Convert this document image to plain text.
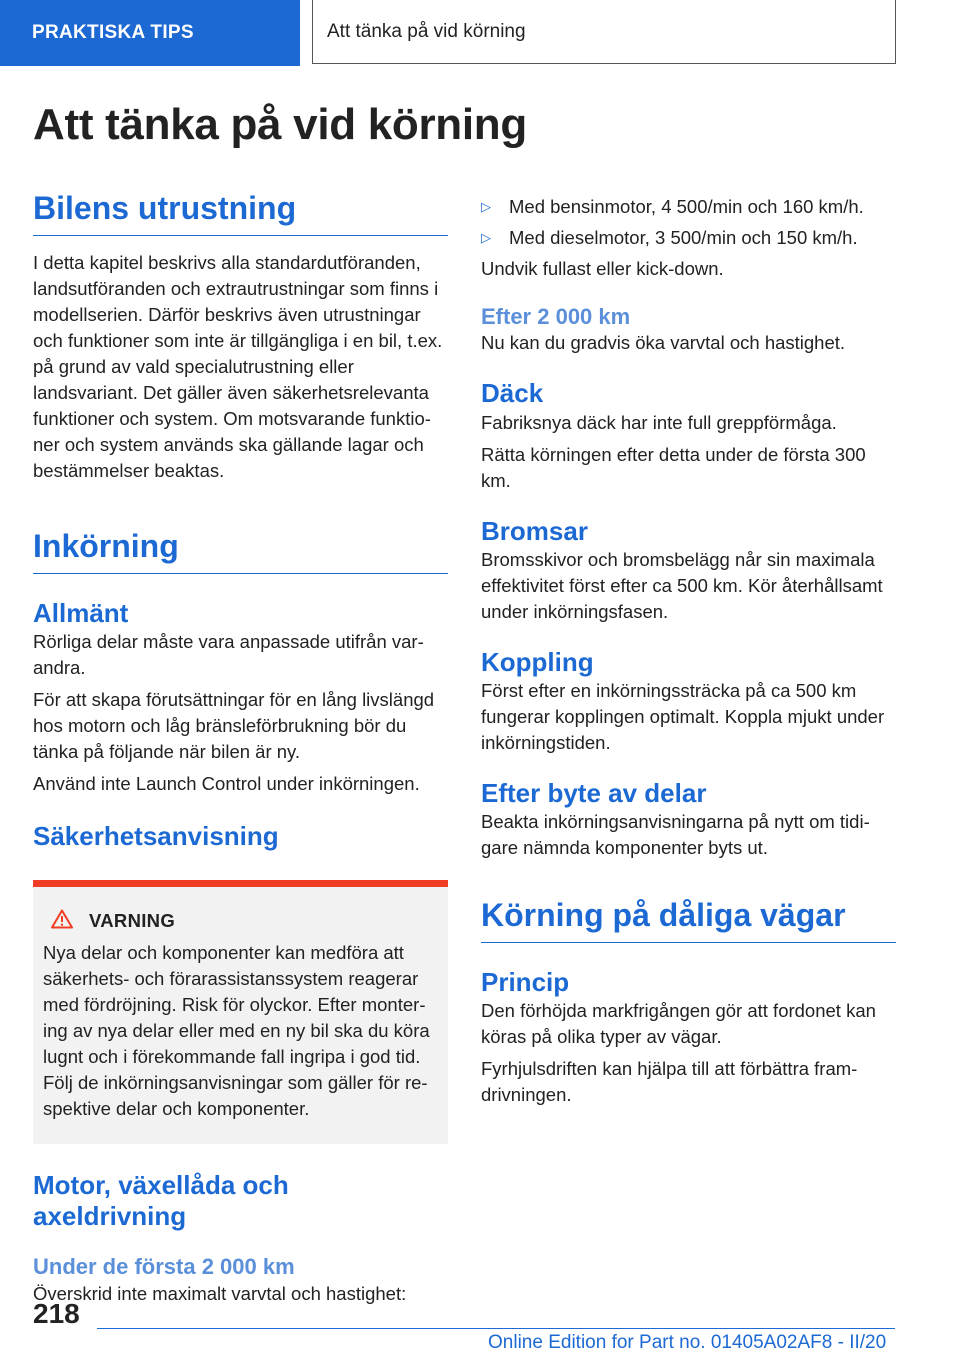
PRAKTISKA TIPS	Att tänka på vid körning
Att tänka på vid körning
Bilens utrustning

I detta kapitel beskrivs alla standardutföranden, landsutföranden och extrautrustningar som finns i modellserien. Därför beskrivs även utrustningar och funktioner som inte är tillgängliga i en bil, t.ex. på grund av vald specialutrustning eller landsvariant. Det gäller även säkerhetsrelevanta funktioner och system. Om motsvarande funktioner och system används ska gällande lagar och bestämmelser beaktas.

Inkörning
Allmänt

Rörliga delar måste vara anpassade utifrån varandra.

För att skapa förutsättningar för en lång livslängd hos motorn och låg bränsleförbrukning bör du tänka på följande när bilen är ny.

Använd inte Launch Control under inkörningen.

Säkerhetsanvisning
VARNING

Nya delar och komponenter kan medföra att säkerhets- och förarassistanssystem reagerar med fördröjning. Risk för olyckor. Efter montering av nya delar eller med en ny bil ska du köra lugnt och i förekommande fall ingripa i god tid. Följ de inkörningsanvisningar som gäller för respektive delar och komponenter.

Motor, växellåda och axeldrivning
Under de första 2 000 km

Överskrid inte maximalt varvtal och hastighet:

▷ Med bensinmotor, 4 500/min och 160 km/h.
▷ Med dieselmotor, 3 500/min och 150 km/h.

Undvik fullast eller kick-down.

Efter 2 000 km

Nu kan du gradvis öka varvtal och hastighet.

Däck

Fabriksnya däck har inte full greppförmåga.

Rätta körningen efter detta under de första 300 km.

Bromsar

Bromsskivor och bromsbelägg når sin maximala effektivitet först efter ca 500 km. Kör återhållsamt under inkörningsfasen.

Koppling

Först efter en inkörningssträcka på ca 500 km fungerar kopplingen optimalt. Koppla mjukt under inkörningstiden.

Efter byte av delar

Beakta inkörningsanvisningarna på nytt om tidigare nämnda komponenter byts ut.

Körning på dåliga vägar
Princip

Den förhöjda markfrigången gör att fordonet kan köras på olika typer av vägar.

Fyrhjulsdriften kan hjälpa till att förbättra framdrivningen.

218
Online Edition for Part no. 01405A02AF8 - II/20
